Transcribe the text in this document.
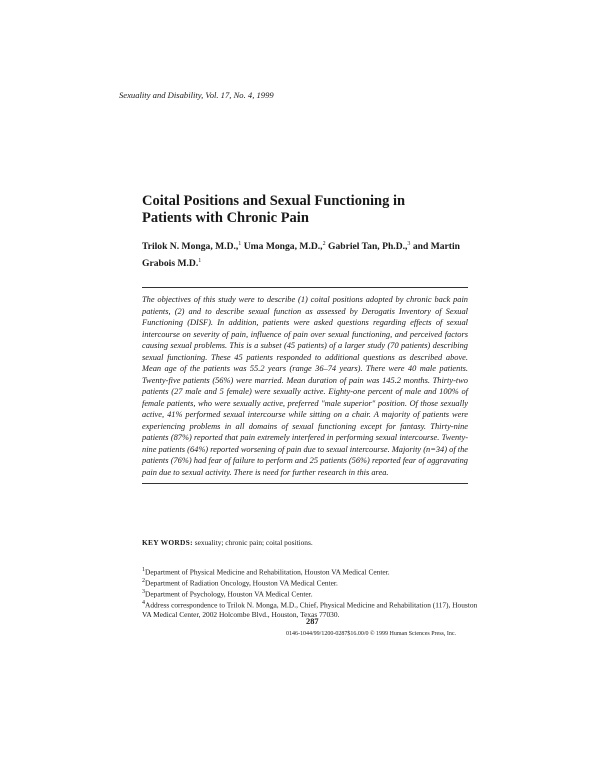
Sexuality and Disability, Vol. 17, No. 4, 1999
Coital Positions and Sexual Functioning in
Patients with Chronic Pain
Trilok N. Monga, M.D.,$^1$ Uma Monga, M.D.,$^2$ Gabriel Tan, Ph.D.,$^3$ and Martin Grabois M.D.$^1$

The objectives of this study were to describe (1) coital positions adopted by chronic back pain patients, (2) and to describe sexual function as assessed by Derogatis Inventory of Sexual Functioning (DISF). In addition, patients were asked questions regarding effects of sexual intercourse on severity of pain, influence of pain over sexual functioning, and perceived factors causing sexual problems. This is a subset (45 patients) of a larger study (70 patients) describing sexual functioning. These 45 patients responded to additional questions as described above. Mean age of the patients was 55.2 years (range 36–74 years). There were 40 male patients. Twenty-five patients (56%) were married. Mean duration of pain was 145.2 months. Thirty-two patients (27 male and 5 female) were sexually active. Eighty-one percent of male and 100% of female patients, who were sexually active, preferred "male superior" position. Of those sexually active, 41% performed sexual intercourse while sitting on a chair. A majority of patients were experiencing problems in all domains of sexual functioning except for fantasy. Thirty-nine patients (87%) reported that pain extremely interfered in performing sexual intercourse. Twenty-nine patients (64%) reported worsening of pain due to sexual intercourse. Majority (n=34) of the patients (76%) had fear of failure to perform and 25 patients (56%) reported fear of aggravating pain due to sexual activity. There is need for further research in this area.

KEY WORDS: sexuality; chronic pain; coital positions.

$^1$Department of Physical Medicine and Rehabilitation, Houston VA Medical Center.

$^2$Department of Radiation Oncology, Houston VA Medical Center.

$^3$Department of Psychology, Houston VA Medical Center.

$^4$Address correspondence to Trilok N. Monga, M.D., Chief, Physical Medicine and Rehabilitation (117), Houston VA Medical Center, 2002 Holcombe Blvd., Houston, Texas 77030.

287
0146-1044/99/1200-0287$16.00/0 © 1999 Human Sciences Press, Inc.
